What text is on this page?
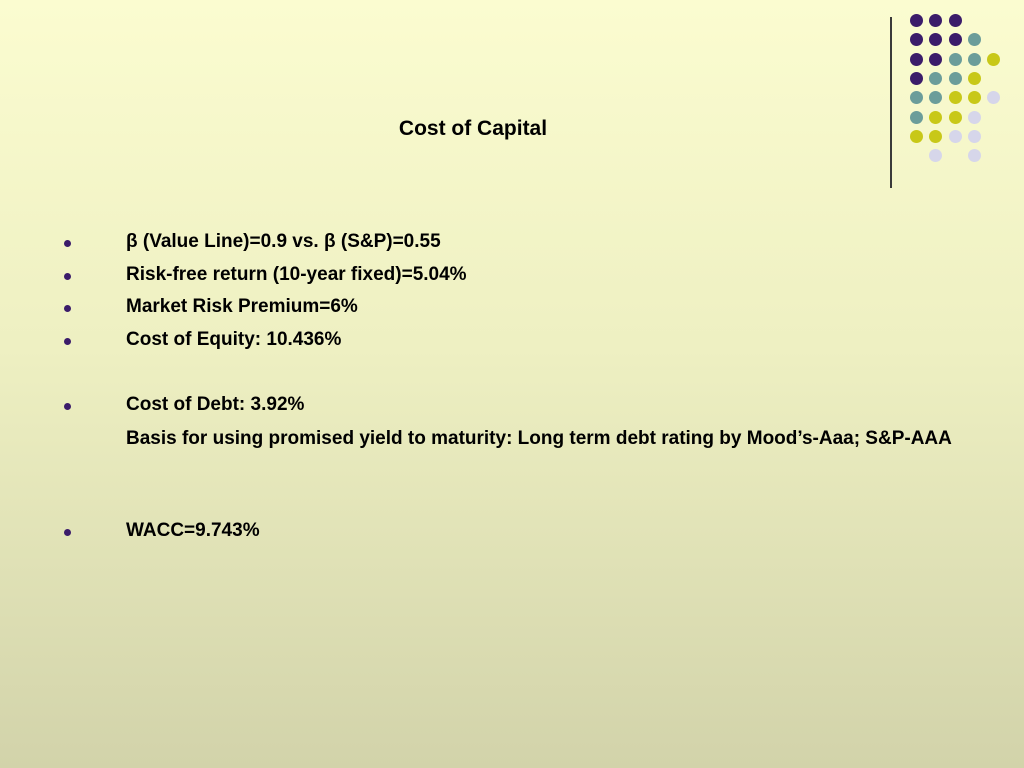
Cost of Capital
β (Value Line)=0.9 vs. β (S&P)=0.55
Risk-free return (10-year fixed)=5.04%
Market Risk Premium=6%
Cost of Equity: 10.436%
Cost of Debt: 3.92%
Basis for using promised yield to maturity: Long term debt rating by Mood’s-Aaa; S&P-AAA
WACC=9.743%
